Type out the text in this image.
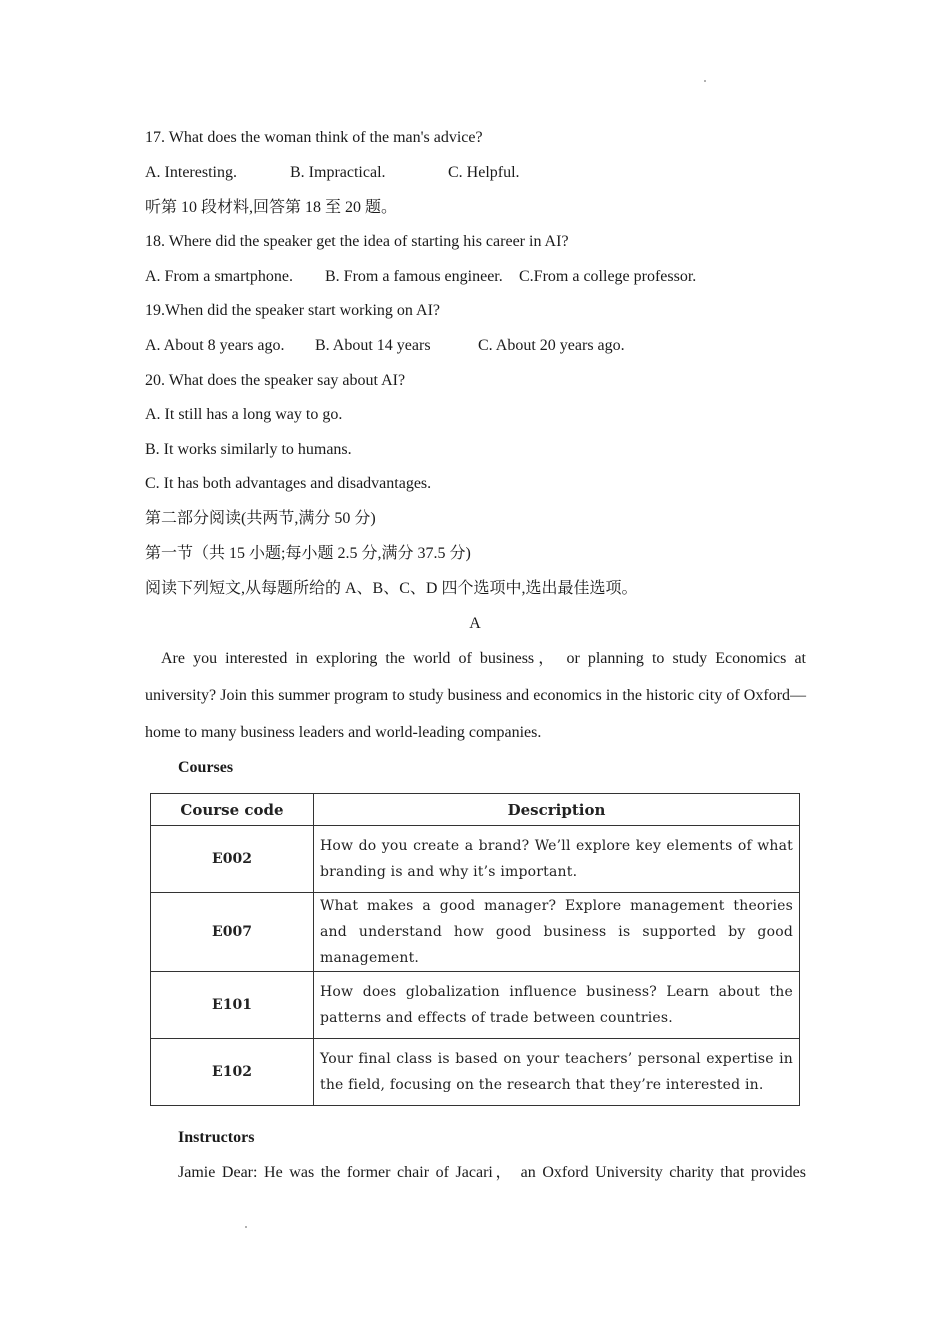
17. What does the woman think of the man's advice?
A. Interesting.	B. Impractical.	C. Helpful.
听第 10 段材料,回答第 18 至 20 题。
18. Where did the speaker get the idea of starting his career in AI?
A. From a smartphone. B. From a famous engineer. C.From a college professor.
19.When did the speaker start working on AI?
A. About 8 years ago. B. About 14 years	C. About 20 years ago.
20. What does the speaker say about AI?
A. It still has a long way to go.
B. It works similarly to humans.
C. It has both advantages and disadvantages.
第二部分阅读(共两节,满分 50 分)
第一节（共 15 小题;每小题 2.5 分,满分 37.5 分)
阅读下列短文,从每题所给的 A、B、C、D 四个选项中,选出最佳选项。
A
Are you interested in exploring the world of business， or planning to study Economics at university? Join this summer program to study business and economics in the historic city of Oxford—home to many business leaders and world-leading companies.
Courses
Course code	Description
E002	How do you create a brand? We’ll explore key elements of what branding is and why it’s important.
E007	What makes a good manager? Explore management theories and understand how good business is supported by good management.
E101	How does globalization influence business? Learn about the patterns and effects of trade between countries.
E102	Your final class is based on your teachers’ personal expertise in the field, focusing on the research that they’re interested in.
Instructors
Jamie Dear: He was the former chair of Jacari， an Oxford University charity that provides
